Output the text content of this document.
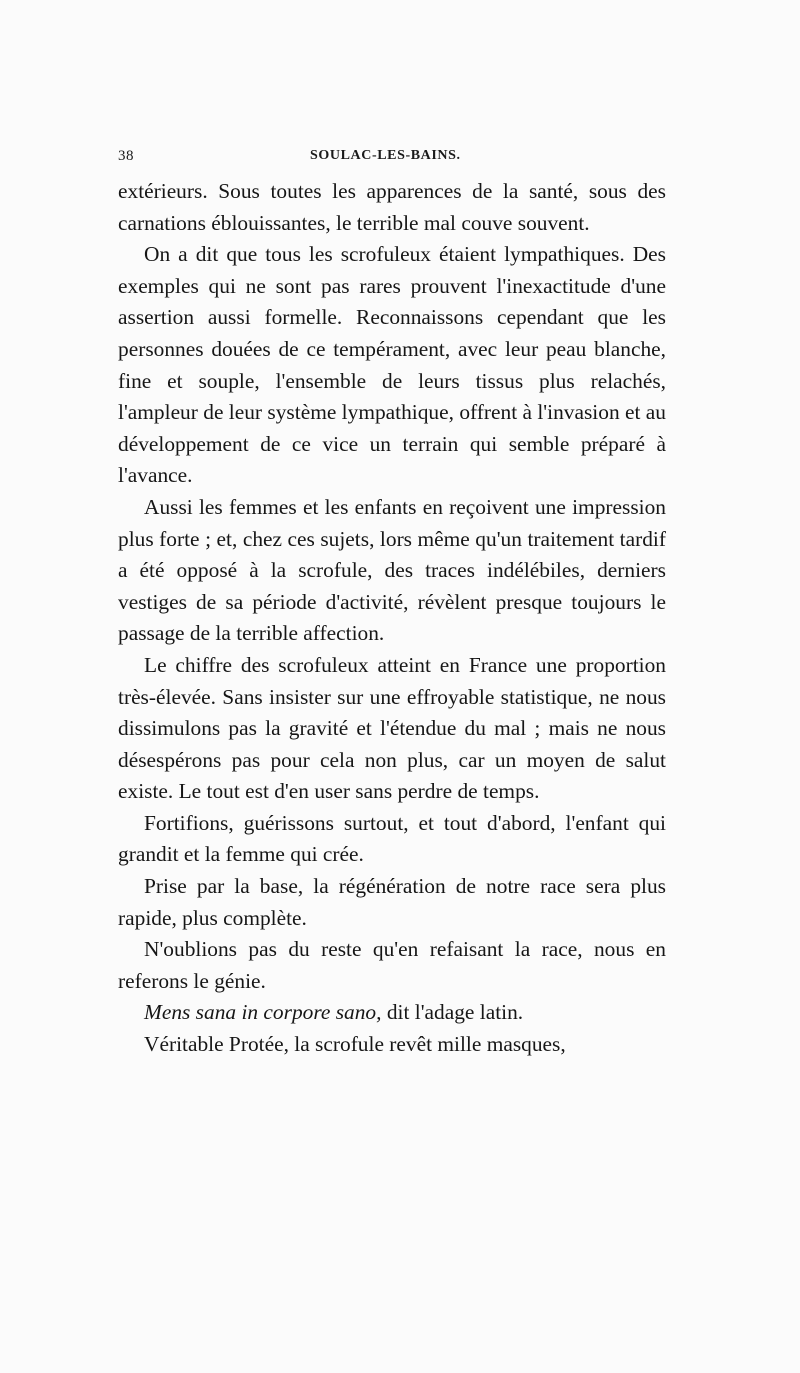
38	SOULAC-LES-BAINS.

extérieurs. Sous toutes les apparences de la santé, sous des carnations éblouissantes, le terrible mal couve souvent.

On a dit que tous les scrofuleux étaient lympathiques. Des exemples qui ne sont pas rares prouvent l'inexactitude d'une assertion aussi formelle. Reconnaissons cependant que les personnes douées de ce tempérament, avec leur peau blanche, fine et souple, l'ensemble de leurs tissus plus relachés, l'ampleur de leur système lympathique, offrent à l'invasion et au développement de ce vice un terrain qui semble préparé à l'avance.

Aussi les femmes et les enfants en reçoivent une impression plus forte ; et, chez ces sujets, lors même qu'un traitement tardif a été opposé à la scrofule, des traces indélébiles, derniers vestiges de sa période d'activité, révèlent presque toujours le passage de la terrible affection.

Le chiffre des scrofuleux atteint en France une proportion très-élevée. Sans insister sur une effroyable statistique, ne nous dissimulons pas la gravité et l'étendue du mal ; mais ne nous désespérons pas pour cela non plus, car un moyen de salut existe. Le tout est d'en user sans perdre de temps.

Fortifions, guérissons surtout, et tout d'abord, l'enfant qui grandit et la femme qui crée.

Prise par la base, la régénération de notre race sera plus rapide, plus complète.

N'oublions pas du reste qu'en refaisant la race, nous en referons le génie.

Mens sana in corpore sano, dit l'adage latin.

Véritable Protée, la scrofule revêt mille masques,
